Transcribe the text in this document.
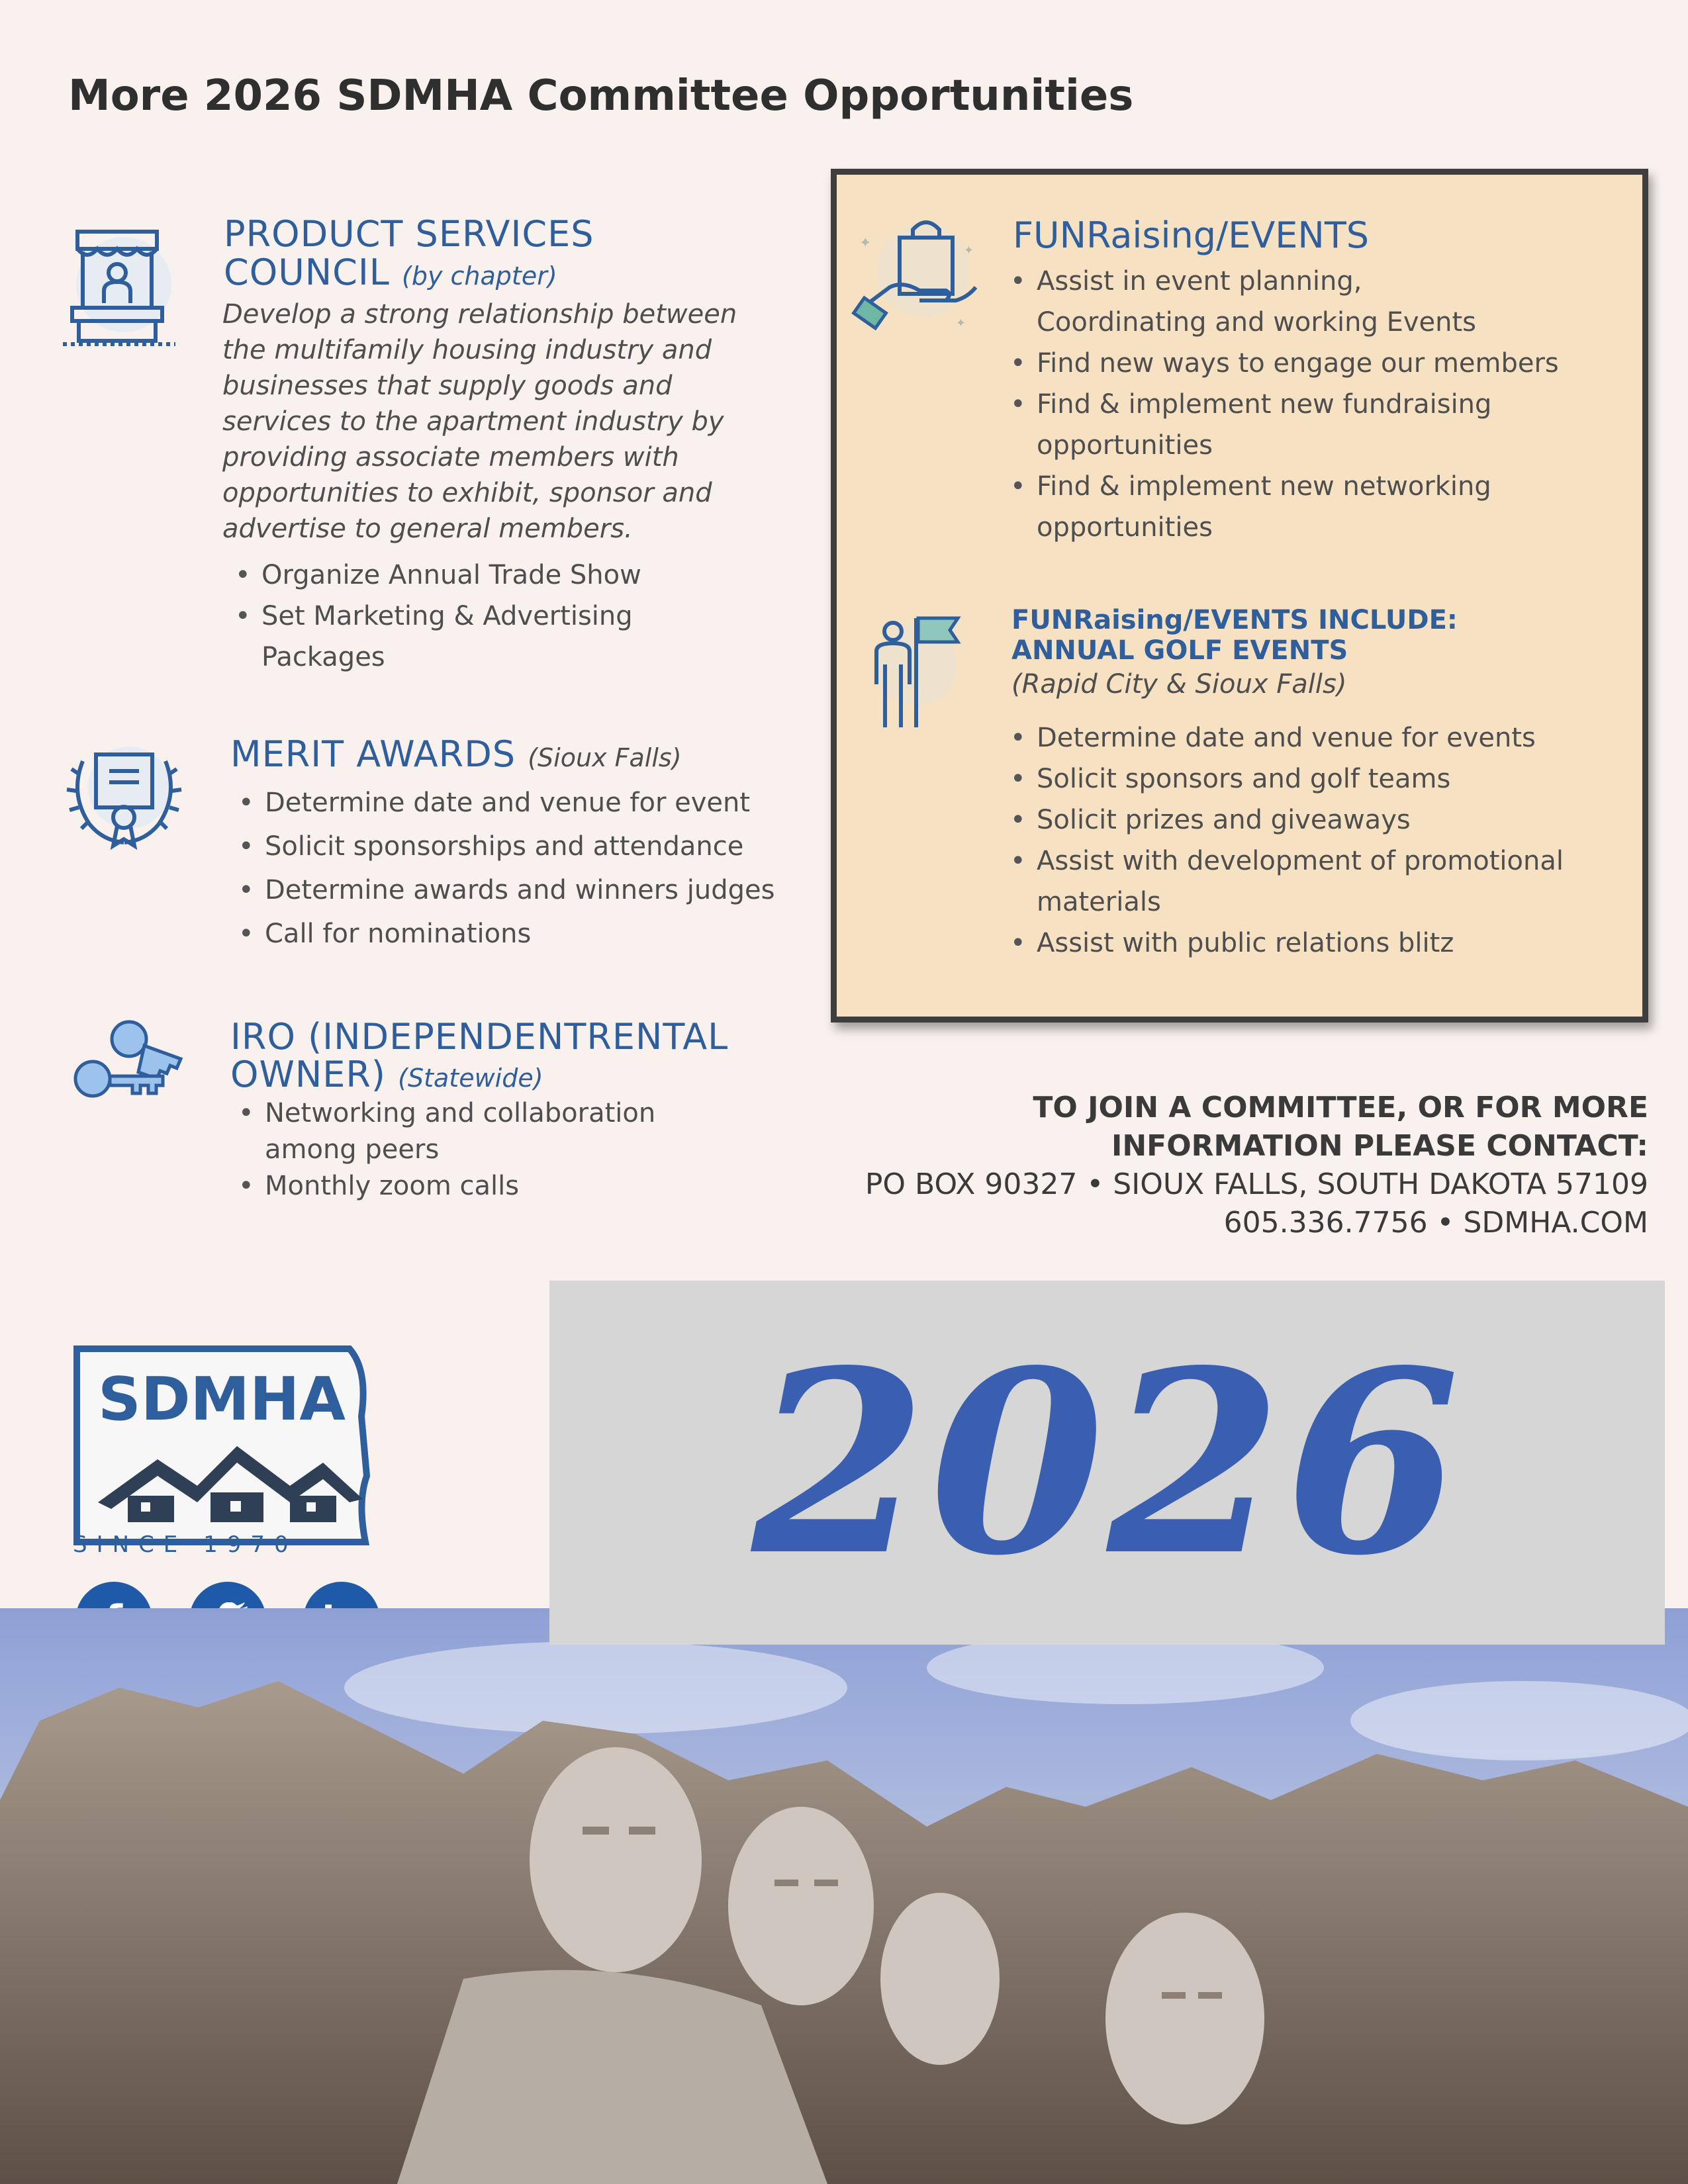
More 2026 SDMHA Committee Opportunities
PRODUCT SERVICES
COUNCIL (by chapter)
Develop a strong relationship between
the multifamily housing industry and
businesses that supply goods and
services to the apartment industry by
providing associate members with
opportunities to exhibit, sponsor and
advertise to general members.
• Organize Annual Trade Show
• Set Marketing & Advertising
Packages
MERIT AWARDS (Sioux Falls)
• Determine date and venue for event
• Solicit sponsorships and attendance
• Determine awards and winners judges
• Call for nominations
IRO (INDEPENDENTRENTAL
OWNER) (Statewide)
• Networking and collaboration
among peers
• Monthly zoom calls
✦	✦
✦
FUNRaising/EVENTS
• Assist in event planning,
Coordinating and working Events
• Find new ways to engage our members
• Find & implement new fundraising
opportunities
• Find & implement new networking
opportunities
FUNRaising/EVENTS INCLUDE:
ANNUAL GOLF EVENTS
(Rapid City & Sioux Falls)
• Determine date and venue for events
• Solicit sponsors and golf teams
• Solicit prizes and giveaways
• Assist with development of promotional
materials
• Assist with public relations blitz
TO JOIN A COMMITTEE, OR FOR MORE
INFORMATION PLEASE CONTACT:
PO BOX 90327 • SIOUX FALLS, SOUTH DAKOTA 57109
605.336.7756 • SDMHA.COM
SDMHA
SINCE 1970 2026
